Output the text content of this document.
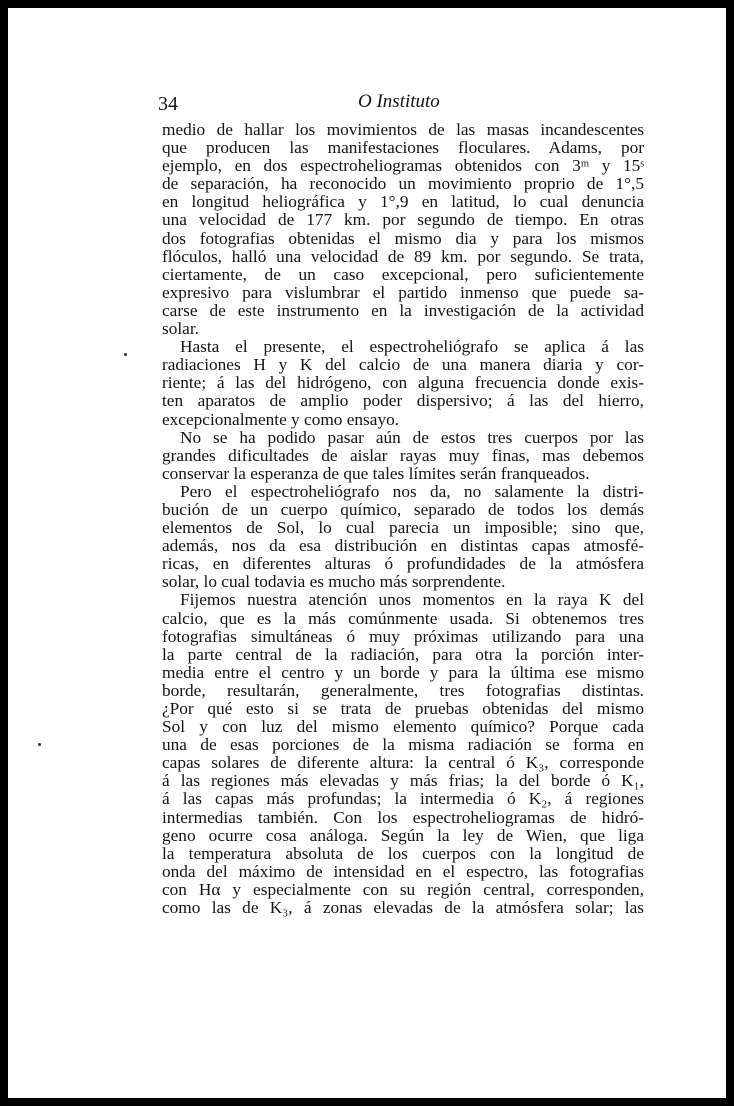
34	O Instituto
medio de hallar los movimientos de las masas incandescentes
que producen las manifestaciones floculares. Adams, por
ejemplo, en dos espectroheliogramas obtenidos con 3ᵐ y 15ˢ
de separación, ha reconocido un movimiento proprio de 1°,5
en longitud heliográfica y 1°,9 en latitud, lo cual denuncia
una velocidad de 177 km. por segundo de tiempo. En otras
dos fotografias obtenidas el mismo dia y para los mismos
flóculos, halló una velocidad de 89 km. por segundo. Se trata,
ciertamente, de un caso excepcional, pero suficientemente
expresivo para vislumbrar el partido inmenso que puede sa-
carse de este instrumento en la investigación de la actividad
solar.
Hasta el presente, el espectroheliógrafo se aplica á las
radiaciones H y K del calcio de una manera diaria y cor-
riente; á las del hidrógeno, con alguna frecuencia donde exis-
ten aparatos de amplio poder dispersivo; á las del hierro,
excepcionalmente y como ensayo.
No se ha podido pasar aún de estos tres cuerpos por las
grandes dificultades de aislar rayas muy finas, mas debemos
conservar la esperanza de que tales límites serán franqueados.
Pero el espectroheliógrafo nos da, no salamente la distri-
bución de un cuerpo químico, separado de todos los demás
elementos de Sol, lo cual parecia un imposible; sino que,
además, nos da esa distribución en distintas capas atmosfé-
ricas, en diferentes alturas ó profundidades de la atmósfera
solar, lo cual todavia es mucho más sorprendente.
Fijemos nuestra atención unos momentos en la raya K del
calcio, que es la más comúnmente usada. Si obtenemos tres
fotografias simultáneas ó muy próximas utilizando para una
la parte central de la radiación, para otra la porción inter-
media entre el centro y un borde y para la última ese mismo
borde, resultarán, generalmente, tres fotografias distintas.
¿Por qué esto si se trata de pruebas obtenidas del mismo
Sol y con luz del mismo elemento químico? Porque cada
una de esas porciones de la misma radiación se forma en
capas solares de diferente altura: la central ó K₃, corresponde
á las regiones más elevadas y más frias; la del borde ó K₁,
á las capas más profundas; la intermedia ó K₂, á regiones
intermedias también. Con los espectroheliogramas de hidró-
geno ocurre cosa análoga. Según la ley de Wien, que liga
la temperatura absoluta de los cuerpos con la longitud de
onda del máximo de intensidad en el espectro, las fotografias
con Hα y especialmente con su región central, corresponden,
como las de K₃, á zonas elevadas de la atmósfera solar; las
